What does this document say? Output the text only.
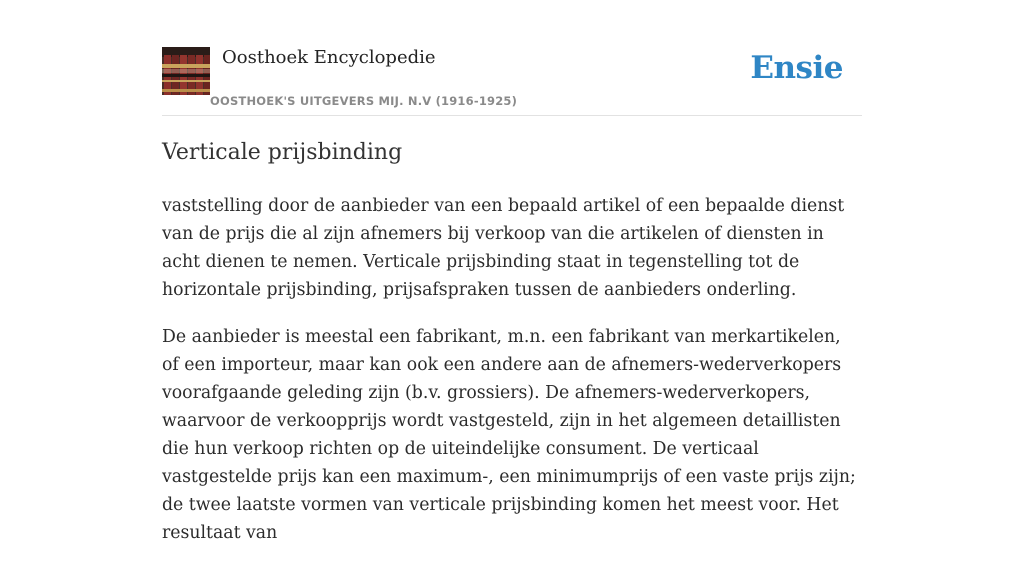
Oosthoek Encyclopedie
OOSTHOEK'S UITGEVERS MIJ. N.V (1916-1925)
Ensie
Verticale prijsbinding

vaststelling door de aanbieder van een bepaald artikel of een bepaalde dienst van de prijs die al zijn afnemers bij verkoop van die artikelen of diensten in acht dienen te nemen. Verticale prijsbinding staat in tegenstelling tot de horizontale prijsbinding, prijsafspraken tussen de aanbieders onderling.

De aanbieder is meestal een fabrikant, m.n. een fabrikant van merkartikelen, of een importeur, maar kan ook een andere aan de afnemers-wederverkopers voorafgaande geleding zijn (b.v. grossiers). De afnemers-wederverkopers, waarvoor de verkoopprijs wordt vastgesteld, zijn in het algemeen detaillisten die hun verkoop richten op de uiteindelijke consument. De verticaal vastgestelde prijs kan een maximum-, een minimumprijs of een vaste prijs zijn; de twee laatste vormen van verticale prijsbinding komen het meest voor. Het resultaat van
